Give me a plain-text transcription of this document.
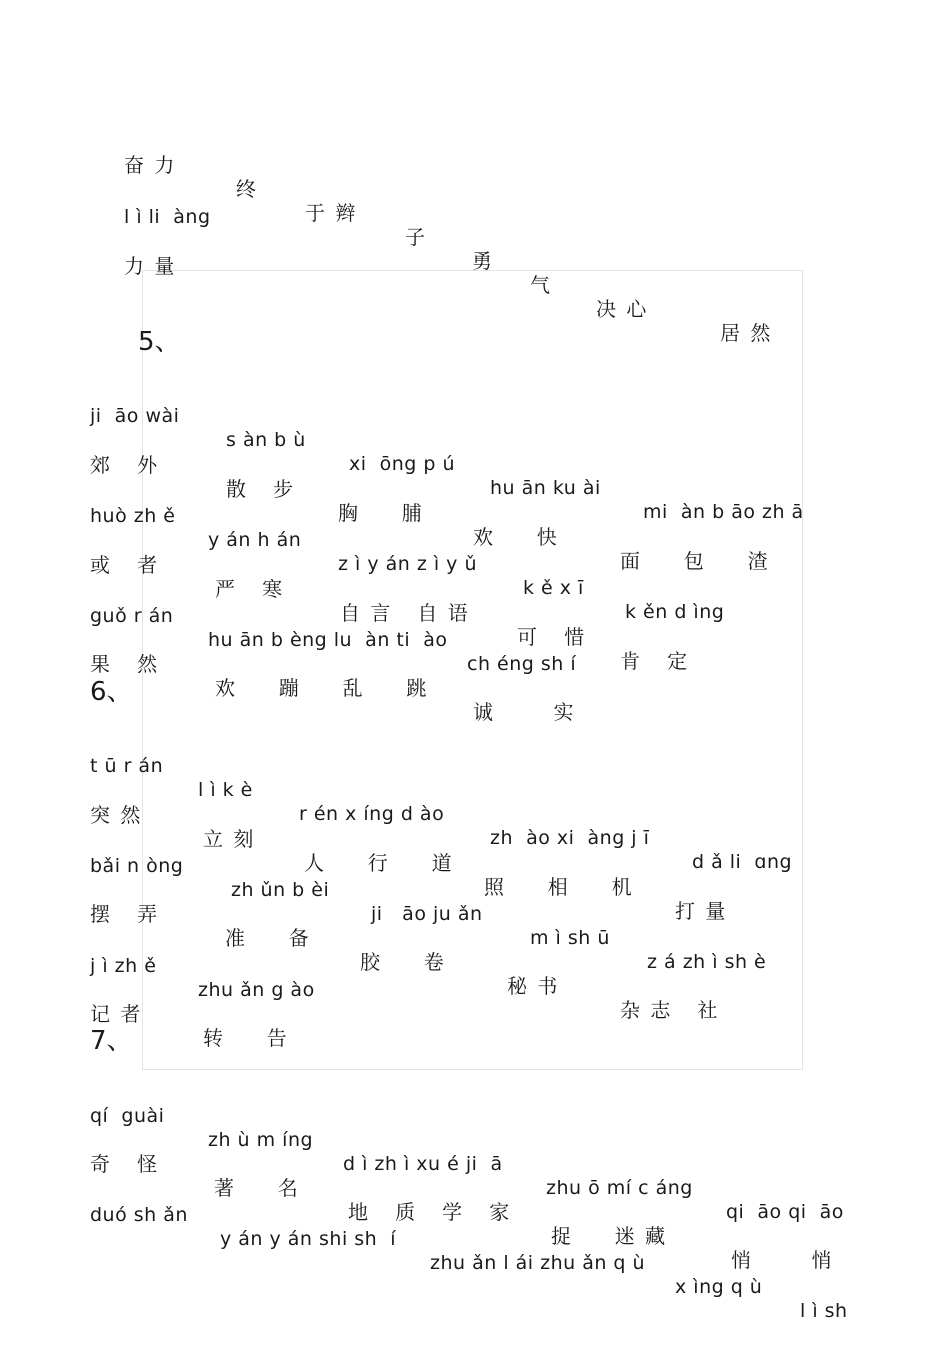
奋 力

终

于 辫

子

勇

气

决 心

居 然

l ì li  àng

力 量

5、

ji  āo wài

s àn b ù

xi  ōng p ú

hu ān ku ài

mi  àn b āo zh ā

郊   外

散   步

胸     脯

欢     快

面     包     渣

huò zh ě

y án h án

z ì y án z ì y ǔ

k ě x ī

k ěn d ìng

或   者

严   寒

自 言   自 语

可   惜

肯   定

guǒ r án

hu ān b èng lu  àn ti  ào

ch éng sh í

果   然

欢     蹦     乱     跳

诚       实

6、

t ū r án

l ì k è

r én x íng d ào

zh  ào xi  àng j ī

d ǎ li  ɑng

突 然

立 刻

人     行     道

照     相     机

打 量

bǎi n òng

zh ǔn b èi

ji   āo ju ǎn

m ì sh ū

z á zh ì sh è

摆   弄

准     备

胶     卷

秘 书

杂 志   社

j ì zh ě

zhu ǎn g ào

记 者

转     告

7、

qí  guài

zh ù m íng

d ì zh ì xu é ji  ā

zhu ō mí c áng

qi  āo qi  āo

奇   怪

著     名

地   质   学   家

捉     迷 藏

悄       悄

duó sh ǎn

y án y án shi sh  í

zhu ǎn l ái zhu ǎn q ù

x ìng q ù

l ì sh
